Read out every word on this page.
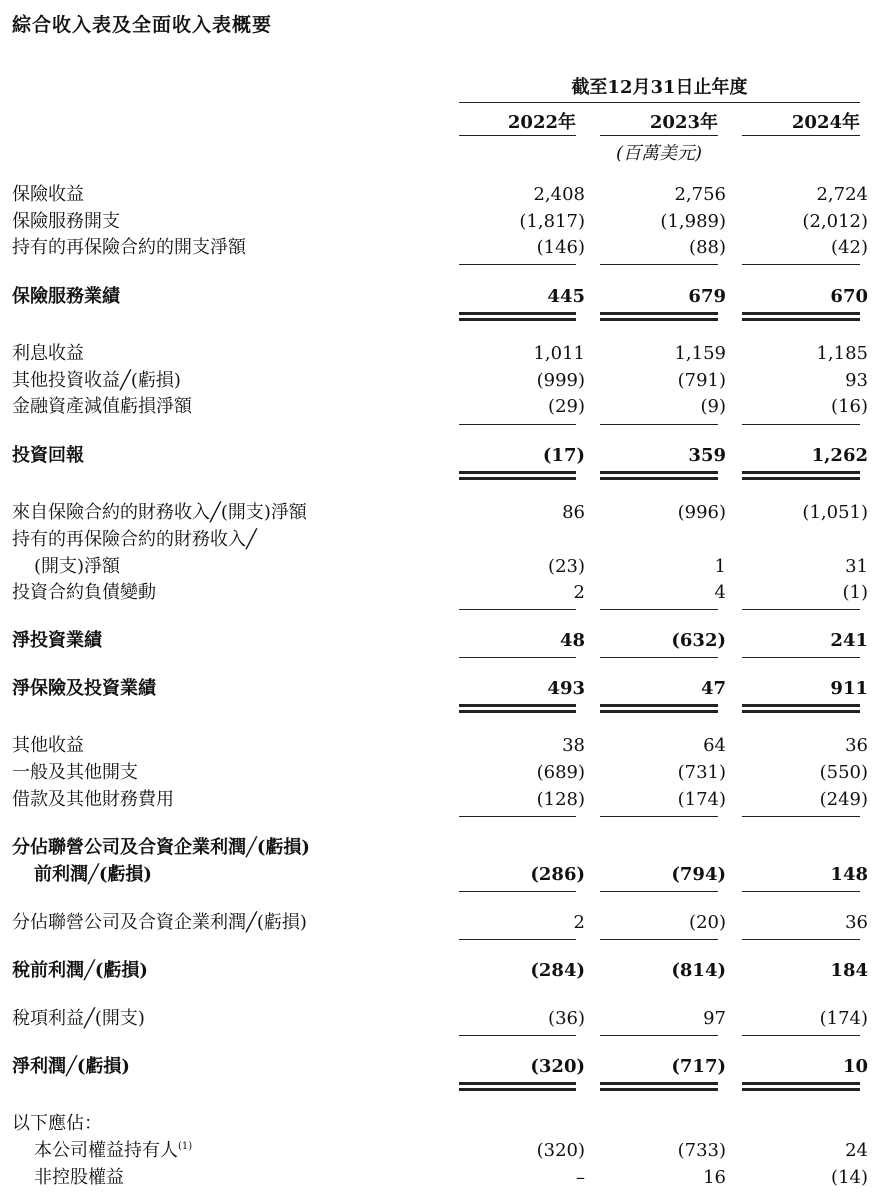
綜合收入表及全面收入表概要
截至12月31日止年度
2022年	2023年	2024年
(百萬美元)
保險收益	2,408	2,756	2,724
保險服務開支	(1,817)	(1,989)	(2,012)
持有的再保險合約的開支淨額	(146)	(88)	(42)
保險服務業績	445	679	670
利息收益	1,011	1,159	1,185
其他投資收益╱(虧損)	(999)	(791)	93
金融資產減值虧損淨額	(29)	(9)	(16)
投資回報	(17)	359	1,262
來自保險合約的財務收入╱(開支)淨額	86	(996)	(1,051)
持有的再保險合約的財務收入╱
(開支)淨額	(23)	1	31
投資合約負債變動	2	4	(1)
淨投資業績	48	(632)	241
淨保險及投資業績	493	47	911
其他收益	38	64	36
一般及其他開支	(689)	(731)	(550)
借款及其他財務費用	(128)	(174)	(249)
分佔聯營公司及合資企業利潤╱(虧損)
前利潤╱(虧損)	(286)	(794)	148
分佔聯營公司及合資企業利潤╱(虧損)	2	(20)	36
稅前利潤╱(虧損)	(284)	(814)	184
稅項利益╱(開支)	(36)	97	(174)
淨利潤╱(虧損)	(320)	(717)	10
以下應佔：
本公司權益持有人$^{(1)}$	(320)	(733)	24
非控股權益	–	16	(14)
